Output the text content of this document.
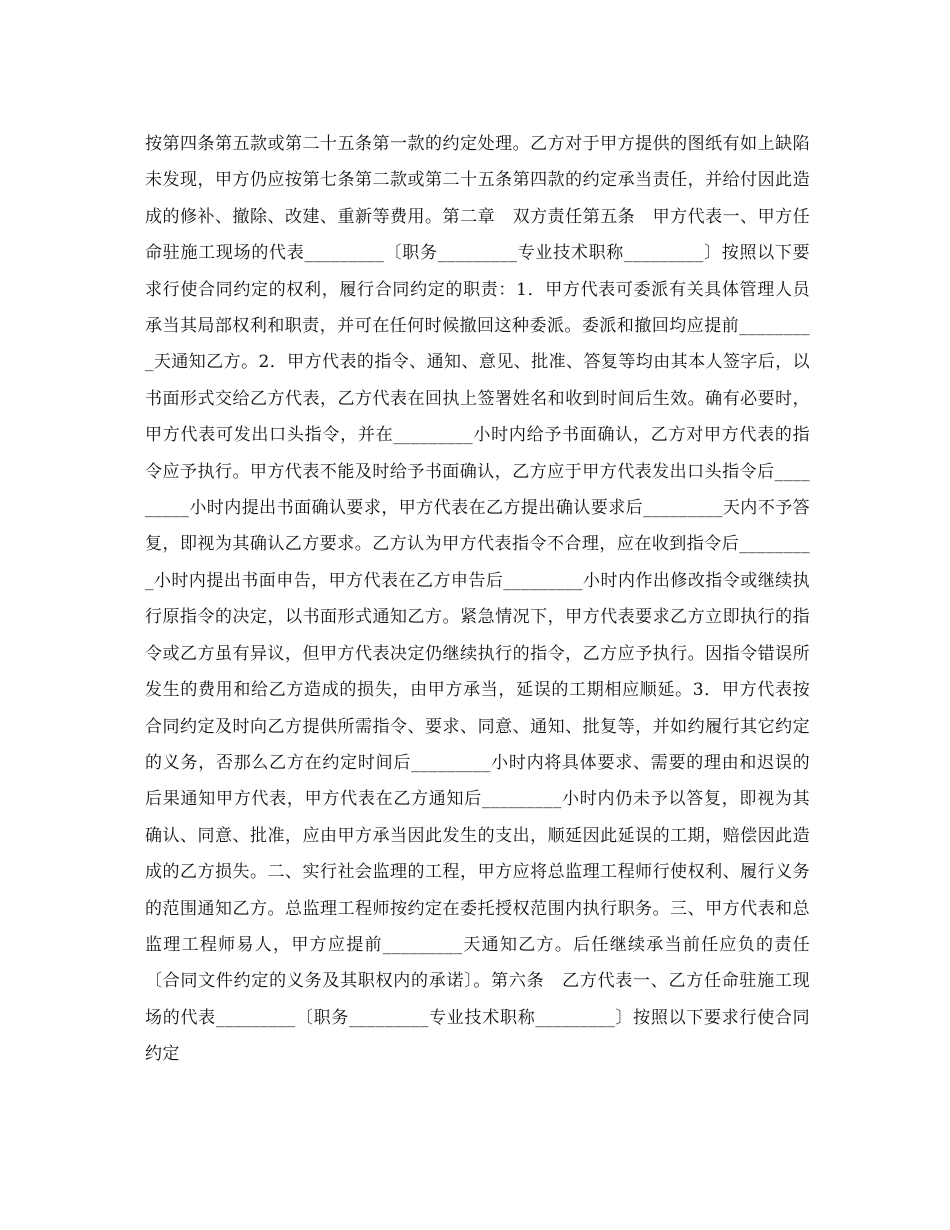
按第四条第五款或第二十五条第一款的约定处理。乙方对于甲方提供的图纸有如上缺陷未发现，甲方仍应按第七条第二款或第二十五条第四款的约定承当责任，并给付因此造成的修补、撤除、改建、重新等费用。第二章　双方责任第五条　甲方代表一、甲方任命驻施工现场的代表_________〔职务_________专业技术职称_________〕按照以下要求行使合同约定的权利，履行合同约定的职责：1．甲方代表可委派有关具体管理人员承当其局部权利和职责，并可在任何时候撤回这种委派。委派和撤回均应提前_________天通知乙方。2．甲方代表的指令、通知、意见、批准、答复等均由其本人签字后，以书面形式交给乙方代表，乙方代表在回执上签署姓名和收到时间后生效。确有必要时，甲方代表可发出口头指令，并在_________小时内给予书面确认，乙方对甲方代表的指令应予执行。甲方代表不能及时给予书面确认，乙方应于甲方代表发出口头指令后_________小时内提出书面确认要求，甲方代表在乙方提出确认要求后_________天内不予答复，即视为其确认乙方要求。乙方认为甲方代表指令不合理，应在收到指令后_________小时内提出书面申告，甲方代表在乙方申告后_________小时内作出修改指令或继续执行原指令的决定，以书面形式通知乙方。紧急情况下，甲方代表要求乙方立即执行的指令或乙方虽有异议，但甲方代表决定仍继续执行的指令，乙方应予执行。因指令错误所发生的费用和给乙方造成的损失，由甲方承当，延误的工期相应顺延。3．甲方代表按合同约定及时向乙方提供所需指令、要求、同意、通知、批复等，并如约履行其它约定的义务，否那么乙方在约定时间后_________小时内将具体要求、需要的理由和迟误的后果通知甲方代表，甲方代表在乙方通知后_________小时内仍未予以答复，即视为其确认、同意、批准，应由甲方承当因此发生的支出，顺延因此延误的工期，赔偿因此造成的乙方损失。二、实行社会监理的工程，甲方应将总监理工程师行使权利、履行义务的范围通知乙方。总监理工程师按约定在委托授权范围内执行职务。三、甲方代表和总监理工程师易人，甲方应提前_________天通知乙方。后任继续承当前任应负的责任〔合同文件约定的义务及其职权内的承诺〕。第六条　乙方代表一、乙方任命驻施工现场的代表_________〔职务_________专业技术职称_________〕按照以下要求行使合同约定
